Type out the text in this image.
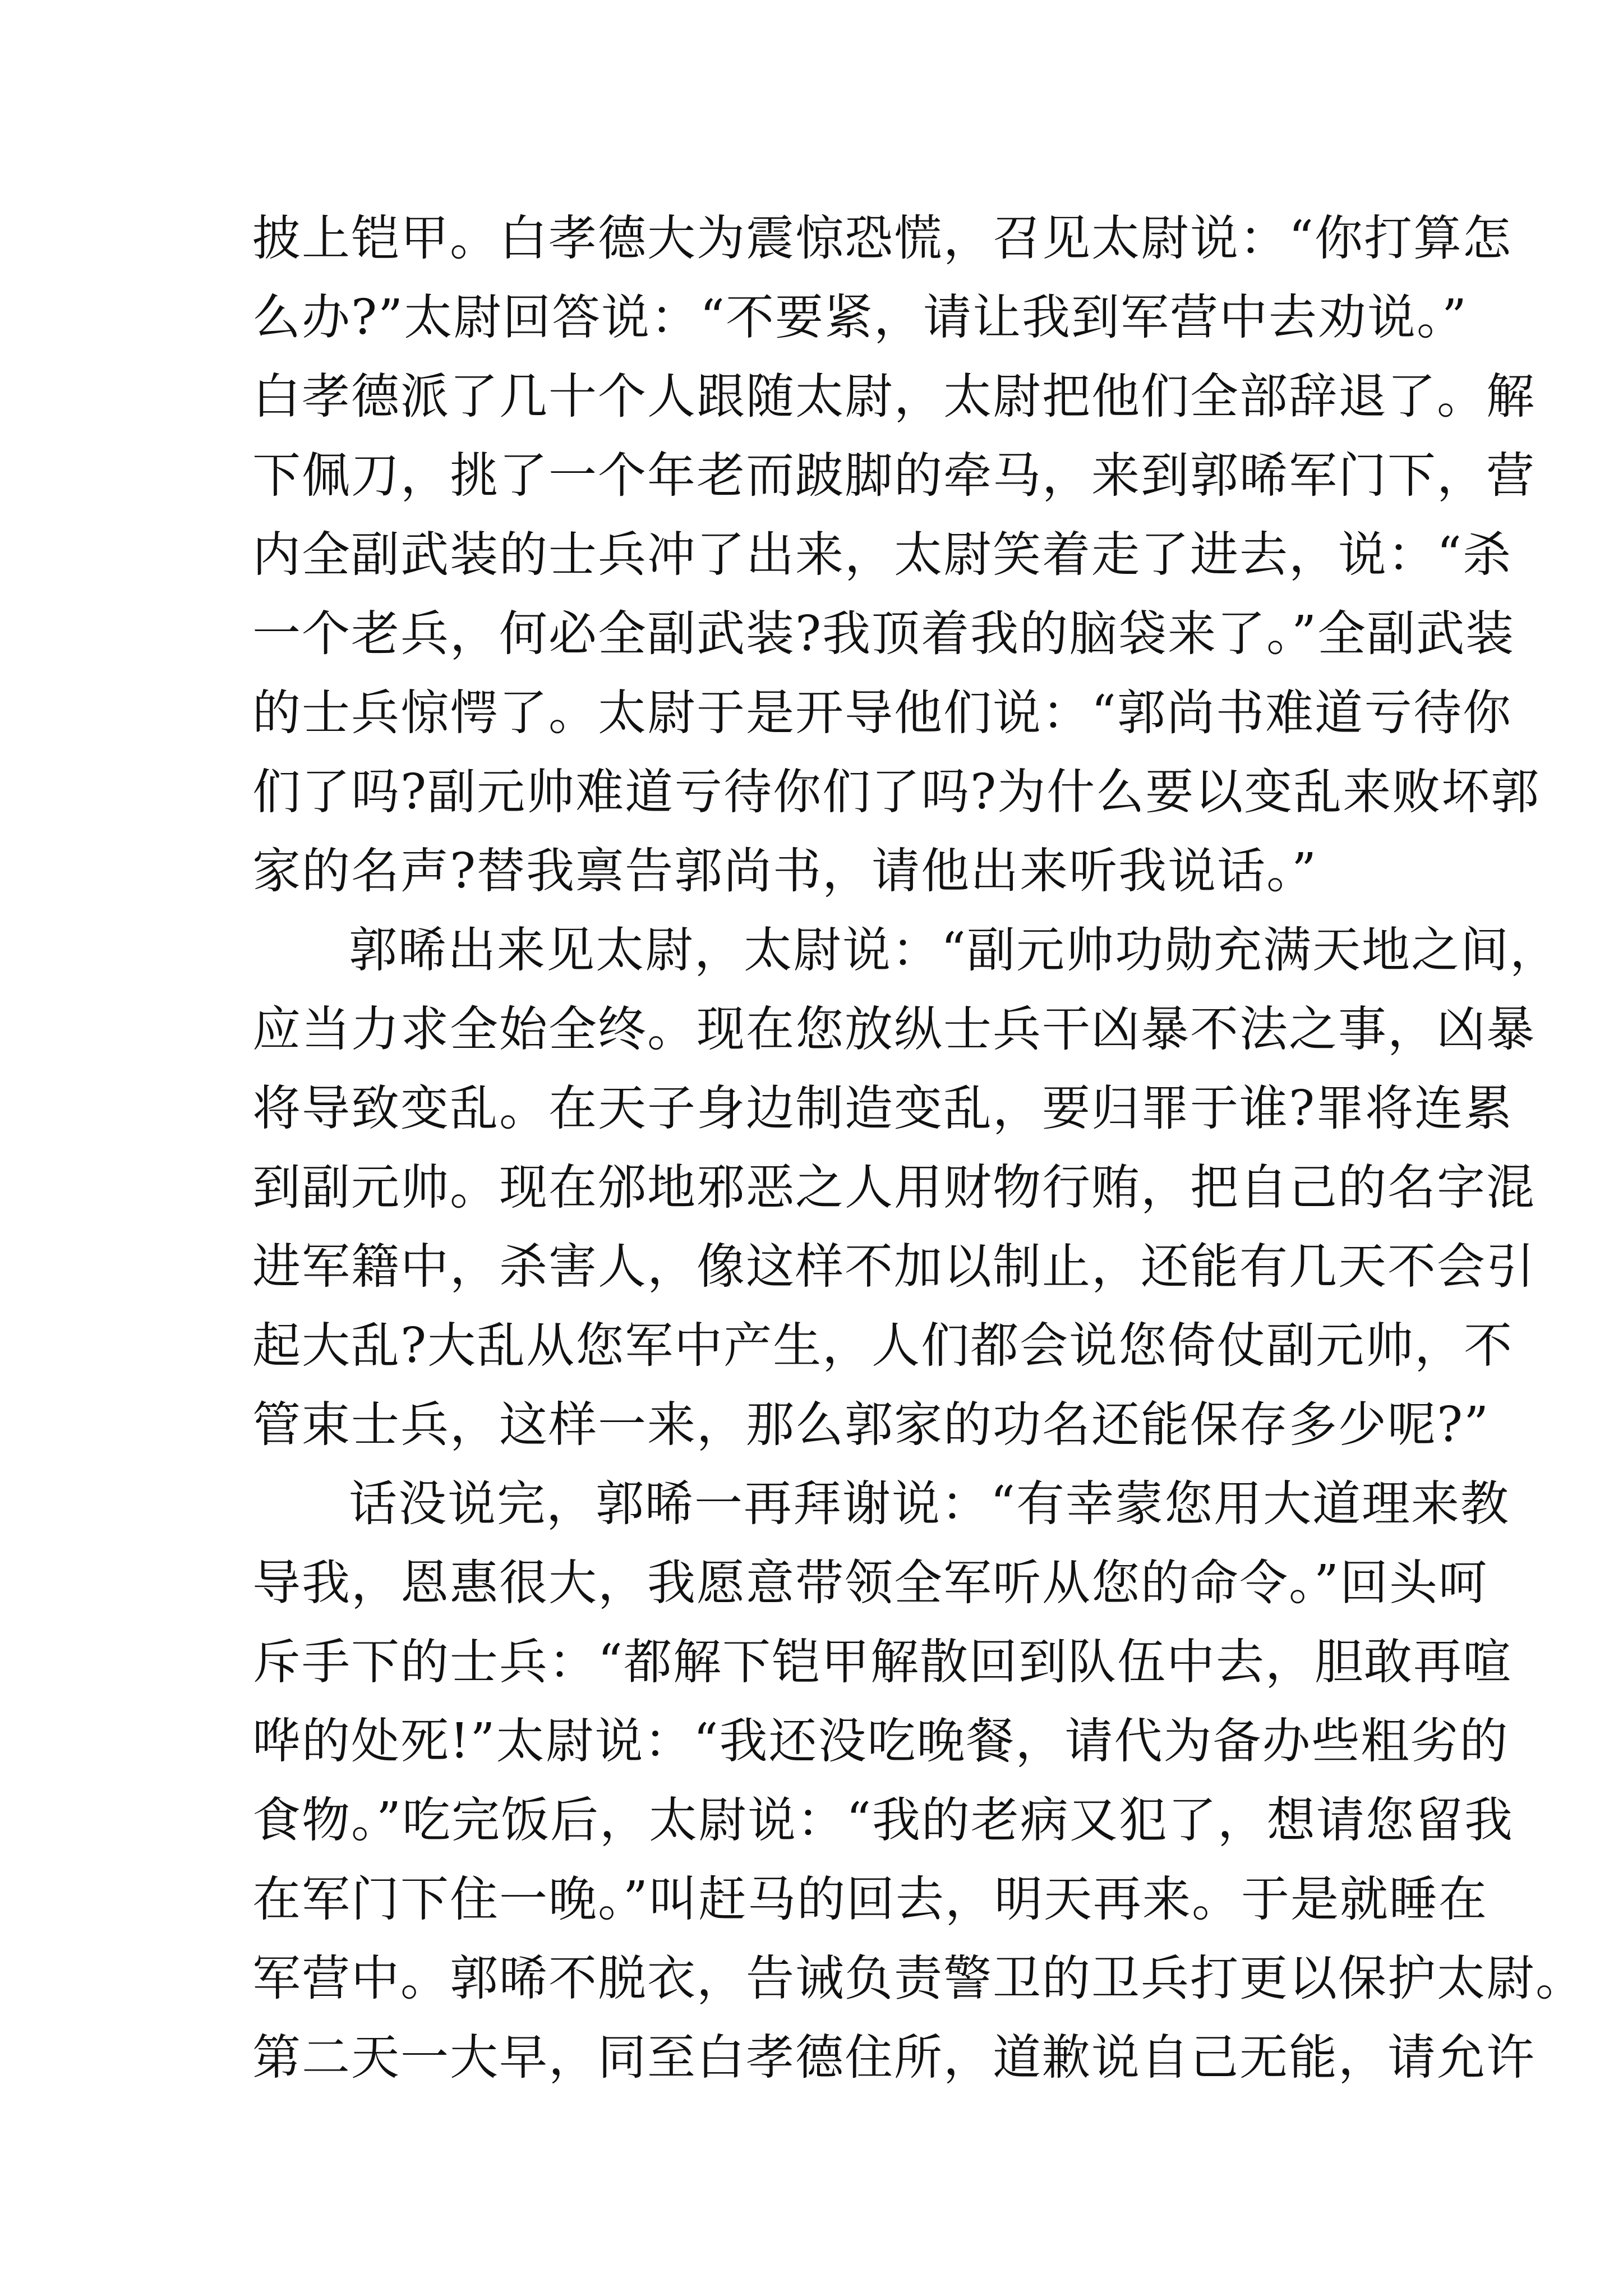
披上铠甲。白孝德大为震惊恐慌，召见太尉说：“你打算怎
么办?”太尉回答说：“不要紧，请让我到军营中去劝说。”
白孝德派了几十个人跟随太尉，太尉把他们全部辞退了。解
下佩刀，挑了一个年老而跛脚的牵马，来到郭晞军门下，营
内全副武装的士兵冲了出来，太尉笑着走了进去，说：“杀
一个老兵，何必全副武装?我顶着我的脑袋来了。”全副武装
的士兵惊愕了。太尉于是开导他们说：“郭尚书难道亏待你
们了吗?副元帅难道亏待你们了吗?为什么要以变乱来败坏郭
家的名声?替我禀告郭尚书，请他出来听我说话。”
郭晞出来见太尉，太尉说：“副元帅功勋充满天地之间，
应当力求全始全终。现在您放纵士兵干凶暴不法之事，凶暴
将导致变乱。在天子身边制造变乱，要归罪于谁?罪将连累
到副元帅。现在邠地邪恶之人用财物行贿，把自己的名字混
进军籍中，杀害人，像这样不加以制止，还能有几天不会引
起大乱?大乱从您军中产生，人们都会说您倚仗副元帅，不
管束士兵，这样一来，那么郭家的功名还能保存多少呢?”
话没说完，郭晞一再拜谢说：“有幸蒙您用大道理来教
导我，恩惠很大，我愿意带领全军听从您的命令。”回头呵
斥手下的士兵：“都解下铠甲解散回到队伍中去，胆敢再喧
哗的处死!”太尉说：“我还没吃晚餐，请代为备办些粗劣的
食物。”吃完饭后，太尉说：“我的老病又犯了，想请您留我
在军门下住一晚。”叫赶马的回去，明天再来。于是就睡在
军营中。郭晞不脱衣，告诫负责警卫的卫兵打更以保护太尉。
第二天一大早，同至白孝德住所，道歉说自己无能，请允许
